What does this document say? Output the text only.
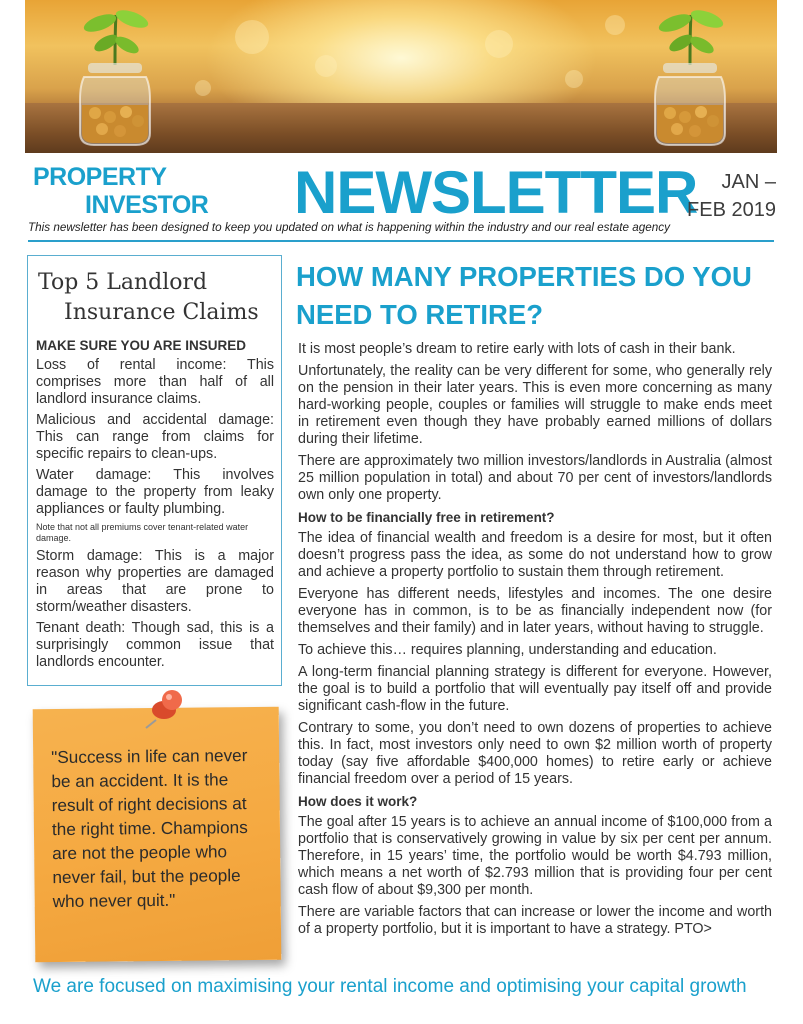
PROPERTY
INVESTOR NEWSLETTER	JAN –
FEB 2019
This newsletter has been designed to keep you updated on what is happening within the industry and our real estate agency
Top 5 Landlord
Insurance Claims
MAKE SURE YOU ARE INSURED

Loss of rental income: This comprises more than half of all landlord insurance claims.

Malicious and accidental damage: This can range from claims for specific repairs to clean-ups.

Water damage: This involves damage to the property from leaky appliances or faulty plumbing.

Note that not all premiums cover tenant-related water damage.

Storm damage: This is a major reason why properties are damaged in areas that are prone to storm/weather disasters.

Tenant death: Though sad, this is a surprisingly common issue that landlords encounter.

"Success in life can never
be an accident. It is the
result of right decisions at
the right time. Champions
are not the people who
never fail, but the people
who never quit."
HOW MANY PROPERTIES DO YOU
NEED TO RETIRE?

It is most people’s dream to retire early with lots of cash in their bank.

Unfortunately, the reality can be very different for some, who generally rely on the pension in their later years. This is even more concerning as many hard-working people, couples or families will struggle to make ends meet in retirement even though they have probably earned millions of dollars during their lifetime.

There are approximately two million investors/landlords in Australia (almost 25 million population in total) and about 70 per cent of investors/landlords own only one property.

How to be financially free in retirement?

The idea of financial wealth and freedom is a desire for most, but it often doesn’t progress pass the idea, as some do not understand how to grow and achieve a property portfolio to sustain them through retirement.

Everyone has different needs, lifestyles and incomes. The one desire everyone has in common, is to be as financially independent now (for themselves and their family) and in later years, without having to struggle.

To achieve this… requires planning, understanding and education.

A long-term financial planning strategy is different for everyone. However, the goal is to build a portfolio that will eventually pay itself off and provide significant cash-flow in the future.

Contrary to some, you don’t need to own dozens of properties to achieve this. In fact, most investors only need to own $2 million worth of property today (say five affordable $400,000 homes) to retire early or achieve financial freedom over a period of 15 years.

How does it work?

The goal after 15 years is to achieve an annual income of $100,000 from a portfolio that is conservatively growing in value by six per cent per annum. Therefore, in 15 years’ time, the portfolio would be worth $4.793 million, which means a net worth of $2.793 million that is providing four per cent cash flow of about $9,300 per month.

There are variable factors that can increase or lower the income and worth of a property portfolio, but it is important to have a strategy. PTO>

We are focused on maximising your rental income and optimising your capital growth
